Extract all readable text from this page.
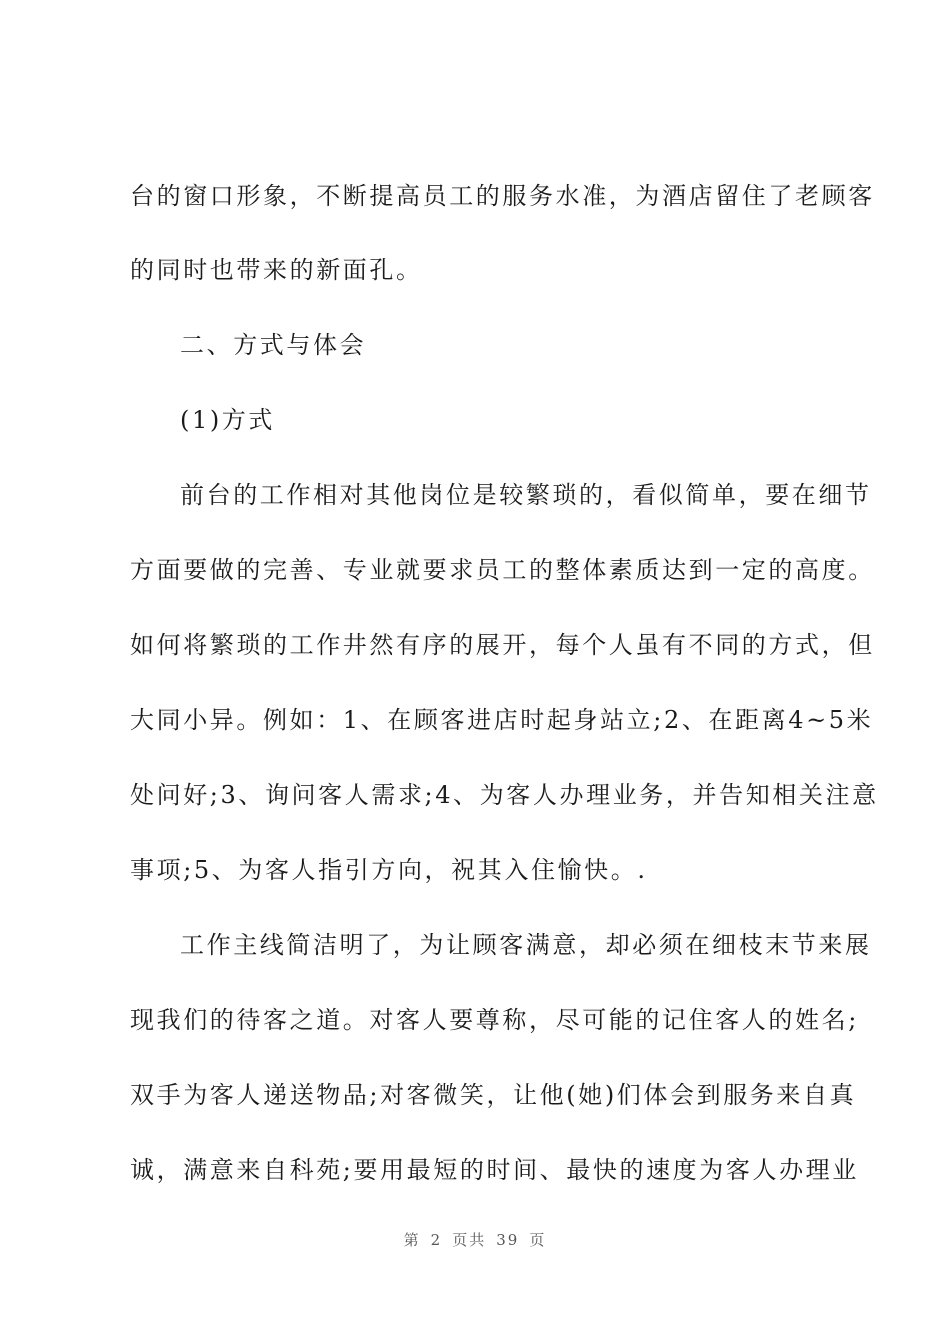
台的窗口形象，不断提高员工的服务水准，为酒店留住了老顾客
的同时也带来的新面孔。
二、方式与体会
(1)方式
前台的工作相对其他岗位是较繁琐的，看似简单，要在细节
方面要做的完善、专业就要求员工的整体素质达到一定的高度。
如何将繁琐的工作井然有序的展开，每个人虽有不同的方式，但
大同小异。例如：1、在顾客进店时起身站立;2、在距离4~5米
处问好;3、询问客人需求;4、为客人办理业务，并告知相关注意
事项;5、为客人指引方向，祝其入住愉快。.
工作主线简洁明了，为让顾客满意，却必须在细枝末节来展
现我们的待客之道。对客人要尊称，尽可能的记住客人的姓名;
双手为客人递送物品;对客微笑，让他(她)们体会到服务来自真
诚，满意来自科苑;要用最短的时间、最快的速度为客人办理业
第 2 页共 39 页
